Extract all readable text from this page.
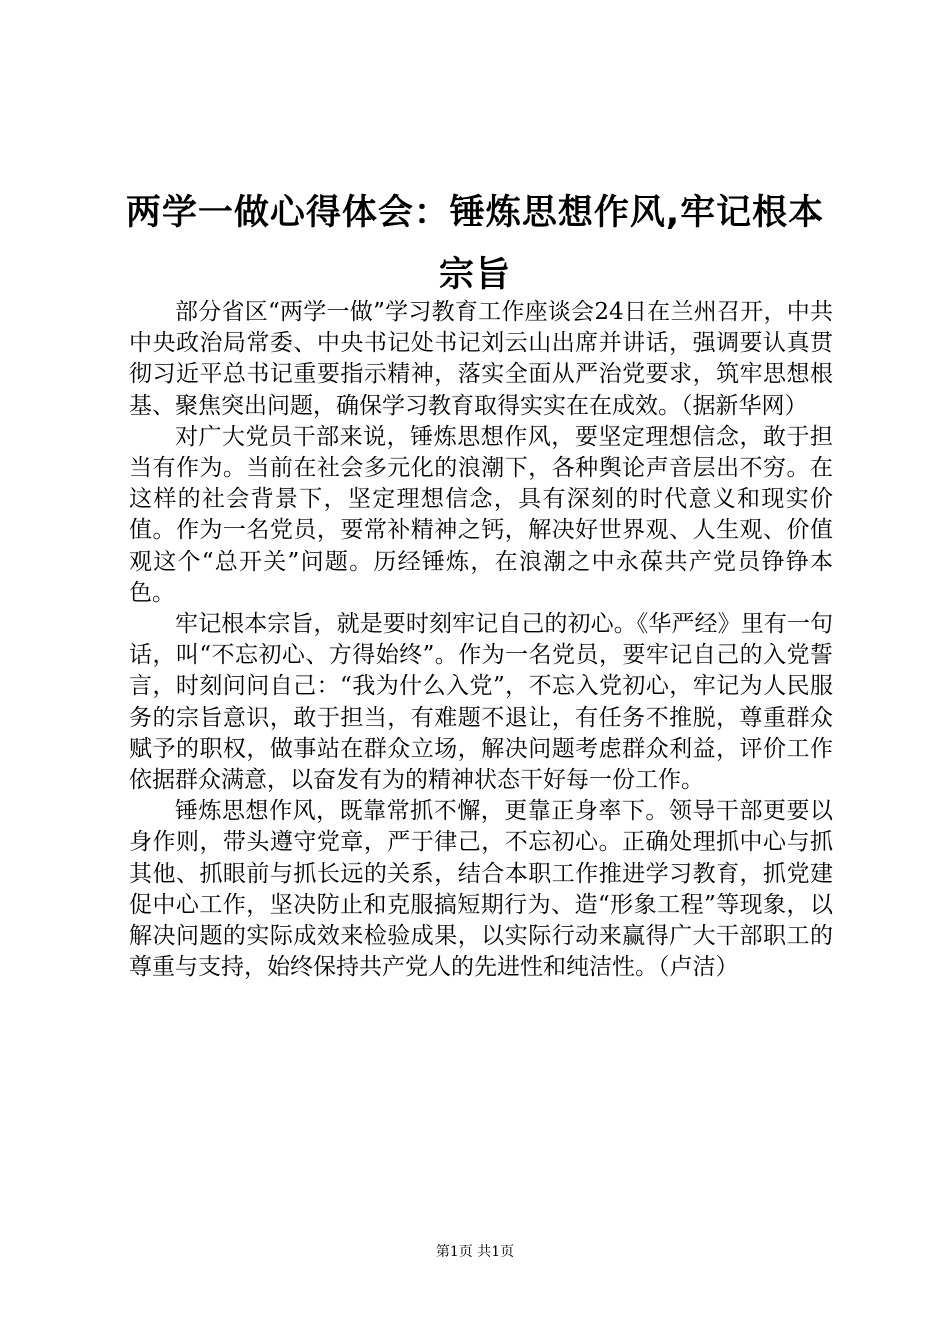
两学一做心得体会：锤炼思想作风,牢记根本宗旨

部分省区“两学一做”学习教育工作座谈会24日在兰州召开，中共中央政治局常委、中央书记处书记刘云山出席并讲话，强调要认真贯彻习近平总书记重要指示精神，落实全面从严治党要求，筑牢思想根基、聚焦突出问题，确保学习教育取得实实在在成效。（据新华网）

对广大党员干部来说，锤炼思想作风，要坚定理想信念，敢于担当有作为。当前在社会多元化的浪潮下，各种舆论声音层出不穷。在这样的社会背景下，坚定理想信念，具有深刻的时代意义和现实价值。作为一名党员，要常补精神之钙，解决好世界观、人生观、价值观这个“总开关”问题。历经锤炼，在浪潮之中永葆共产党员铮铮本色。

牢记根本宗旨，就是要时刻牢记自己的初心。《华严经》里有一句话，叫“不忘初心、方得始终”。作为一名党员，要牢记自己的入党誓言，时刻问问自己：“我为什么入党”，不忘入党初心，牢记为人民服务的宗旨意识，敢于担当，有难题不退让，有任务不推脱，尊重群众赋予的职权，做事站在群众立场，解决问题考虑群众利益，评价工作依据群众满意，以奋发有为的精神状态干好每一份工作。

锤炼思想作风，既靠常抓不懈，更靠正身率下。领导干部更要以身作则，带头遵守党章，严于律己，不忘初心。正确处理抓中心与抓其他、抓眼前与抓长远的关系，结合本职工作推进学习教育，抓党建促中心工作，坚决防止和克服搞短期行为、造“形象工程”等现象，以解决问题的实际成效来检验成果，以实际行动来赢得广大干部职工的尊重与支持，始终保持共产党人的先进性和纯洁性。（卢洁）

第1页 共1页
